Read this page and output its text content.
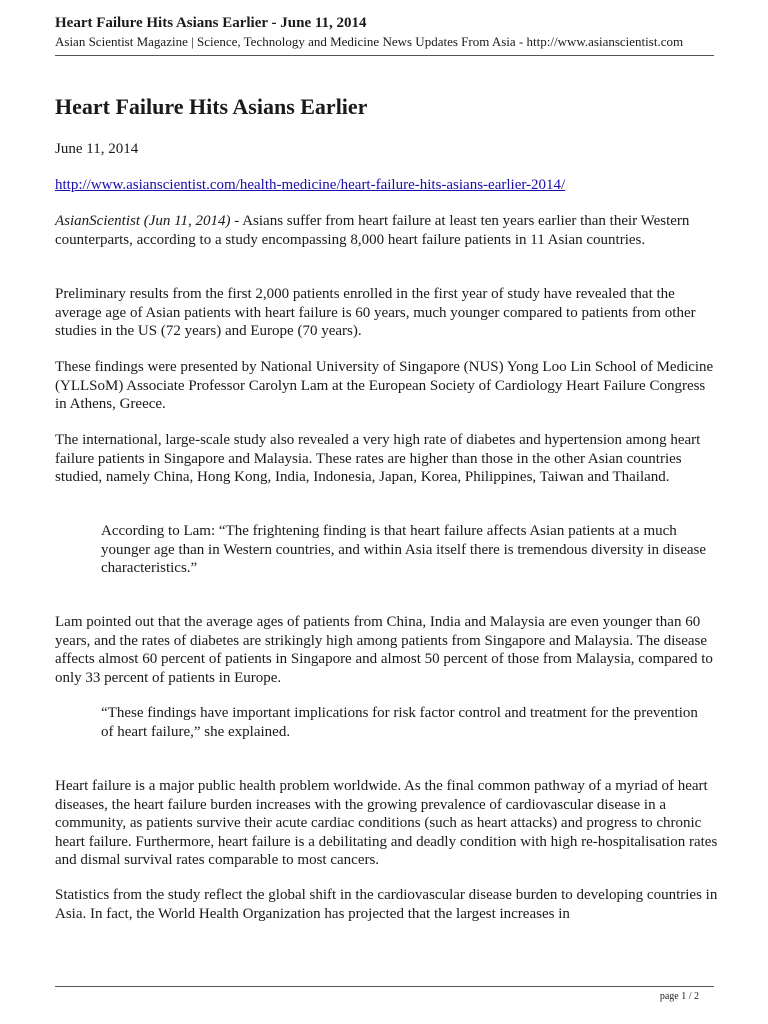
Heart Failure Hits Asians Earlier - June 11, 2014
Asian Scientist Magazine | Science, Technology and Medicine News Updates From Asia - http://www.asianscientist.com
Heart Failure Hits Asians Earlier

June 11, 2014

http://www.asianscientist.com/health-medicine/heart-failure-hits-asians-earlier-2014/

AsianScientist (Jun 11, 2014) - Asians suffer from heart failure at least ten years earlier than their Western counterparts, according to a study encompassing 8,000 heart failure patients in 11 Asian countries.

Preliminary results from the first 2,000 patients enrolled in the first year of study have revealed that the average age of Asian patients with heart failure is 60 years, much younger compared to patients from other studies in the US (72 years) and Europe (70 years).

These findings were presented by National University of Singapore (NUS) Yong Loo Lin School of Medicine (YLLSoM) Associate Professor Carolyn Lam at the European Society of Cardiology Heart Failure Congress in Athens, Greece.

The international, large-scale study also revealed a very high rate of diabetes and hypertension among heart failure patients in Singapore and Malaysia. These rates are higher than those in the other Asian countries studied, namely China, Hong Kong, India, Indonesia, Japan, Korea, Philippines, Taiwan and Thailand.

According to Lam: “The frightening finding is that heart failure affects Asian patients at a much younger age than in Western countries, and within Asia itself there is tremendous diversity in disease characteristics.”

Lam pointed out that the average ages of patients from China, India and Malaysia are even younger than 60 years, and the rates of diabetes are strikingly high among patients from Singapore and Malaysia. The disease affects almost 60 percent of patients in Singapore and almost 50 percent of those from Malaysia, compared to only 33 percent of patients in Europe.

“These findings have important implications for risk factor control and treatment for the prevention of heart failure,” she explained.

Heart failure is a major public health problem worldwide. As the final common pathway of a myriad of heart diseases, the heart failure burden increases with the growing prevalence of cardiovascular disease in a community, as patients survive their acute cardiac conditions (such as heart attacks) and progress to chronic heart failure. Furthermore, heart failure is a debilitating and deadly condition with high re-hospitalisation rates and dismal survival rates comparable to most cancers.

Statistics from the study reflect the global shift in the cardiovascular disease burden to developing countries in Asia. In fact, the World Health Organization has projected that the largest increases in

page 1 / 2
